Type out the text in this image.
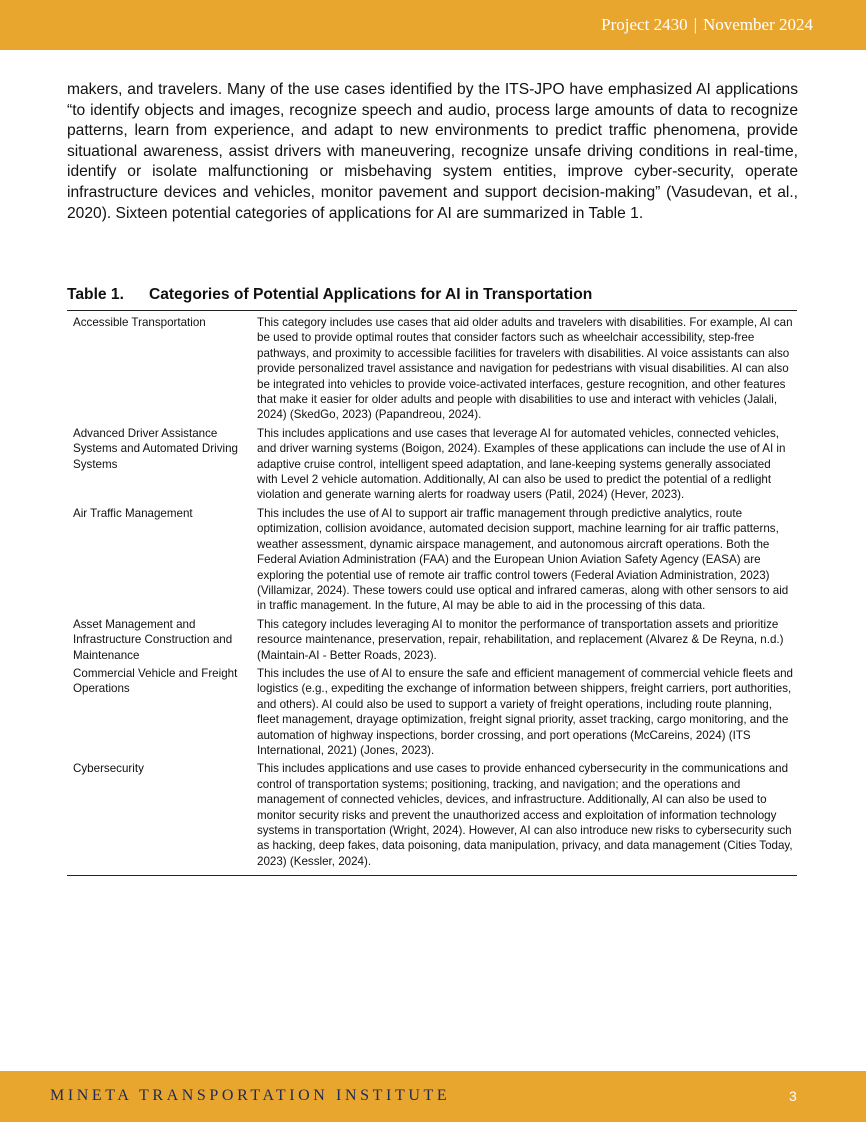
Project 2430 | November 2024

makers, and travelers. Many of the use cases identified by the ITS-JPO have emphasized AI applications “to identify objects and images, recognize speech and audio, process large amounts of data to recognize patterns, learn from experience, and adapt to new environments to predict traffic phenomena, provide situational awareness, assist drivers with maneuvering, recognize unsafe driving conditions in real-time, identify or isolate malfunctioning or misbehaving system entities, improve cyber-security, operate infrastructure devices and vehicles, monitor pavement and support decision-making” (Vasudevan, et al., 2020). Sixteen potential categories of applications for AI are summarized in Table 1.

Table 1. Categories of Potential Applications for AI in Transportation
Accessible Transportation	This category includes use cases that aid older adults and travelers with disabilities. For example, AI can be used to provide optimal routes that consider factors such as wheelchair accessibility, step-free pathways, and proximity to accessible facilities for travelers with disabilities. AI voice assistants can also provide personalized travel assistance and navigation for pedestrians with visual disabilities. AI can also be integrated into vehicles to provide voice-activated interfaces, gesture recognition, and other features that make it easier for older adults and people with disabilities to use and interact with vehicles (Jalali, 2024) (SkedGo, 2023) (Papandreou, 2024).
Advanced Driver Assistance Systems and Automated Driving Systems	This includes applications and use cases that leverage AI for automated vehicles, connected vehicles, and driver warning systems (Boigon, 2024). Examples of these applications can include the use of AI in adaptive cruise control, intelligent speed adaptation, and lane-keeping systems generally associated with Level 2 vehicle automation. Additionally, AI can also be used to predict the potential of a redlight violation and generate warning alerts for roadway users (Patil, 2024) (Hever, 2023).
Air Traffic Management	This includes the use of AI to support air traffic management through predictive analytics, route optimization, collision avoidance, automated decision support, machine learning for air traffic patterns, weather assessment, dynamic airspace management, and autonomous aircraft operations. Both the Federal Aviation Administration (FAA) and the European Union Aviation Safety Agency (EASA) are exploring the potential use of remote air traffic control towers (Federal Aviation Administration, 2023) (Villamizar, 2024). These towers could use optical and infrared cameras, along with other sensors to aid in traffic management. In the future, AI may be able to aid in the processing of this data.
Asset Management and Infrastructure Construction and Maintenance	This category includes leveraging AI to monitor the performance of transportation assets and prioritize resource maintenance, preservation, repair, rehabilitation, and replacement (Alvarez & De Reyna, n.d.) (Maintain-AI - Better Roads, 2023).
Commercial Vehicle and Freight Operations	This includes the use of AI to ensure the safe and efficient management of commercial vehicle fleets and logistics (e.g., expediting the exchange of information between shippers, freight carriers, port authorities, and others). AI could also be used to support a variety of freight operations, including route planning, fleet management, drayage optimization, freight signal priority, asset tracking, cargo monitoring, and the automation of highway inspections, border crossing, and port operations (McCareins, 2024) (ITS International, 2021) (Jones, 2023).
Cybersecurity	This includes applications and use cases to provide enhanced cybersecurity in the communications and control of transportation systems; positioning, tracking, and navigation; and the operations and management of connected vehicles, devices, and infrastructure. Additionally, AI can also be used to monitor security risks and prevent the unauthorized access and exploitation of information technology systems in transportation (Wright, 2024). However, AI can also introduce new risks to cybersecurity such as hacking, deep fakes, data poisoning, data manipulation, privacy, and data management (Cities Today, 2023) (Kessler, 2024).
MINETA TRANSPORTATION INSTITUTE	3
